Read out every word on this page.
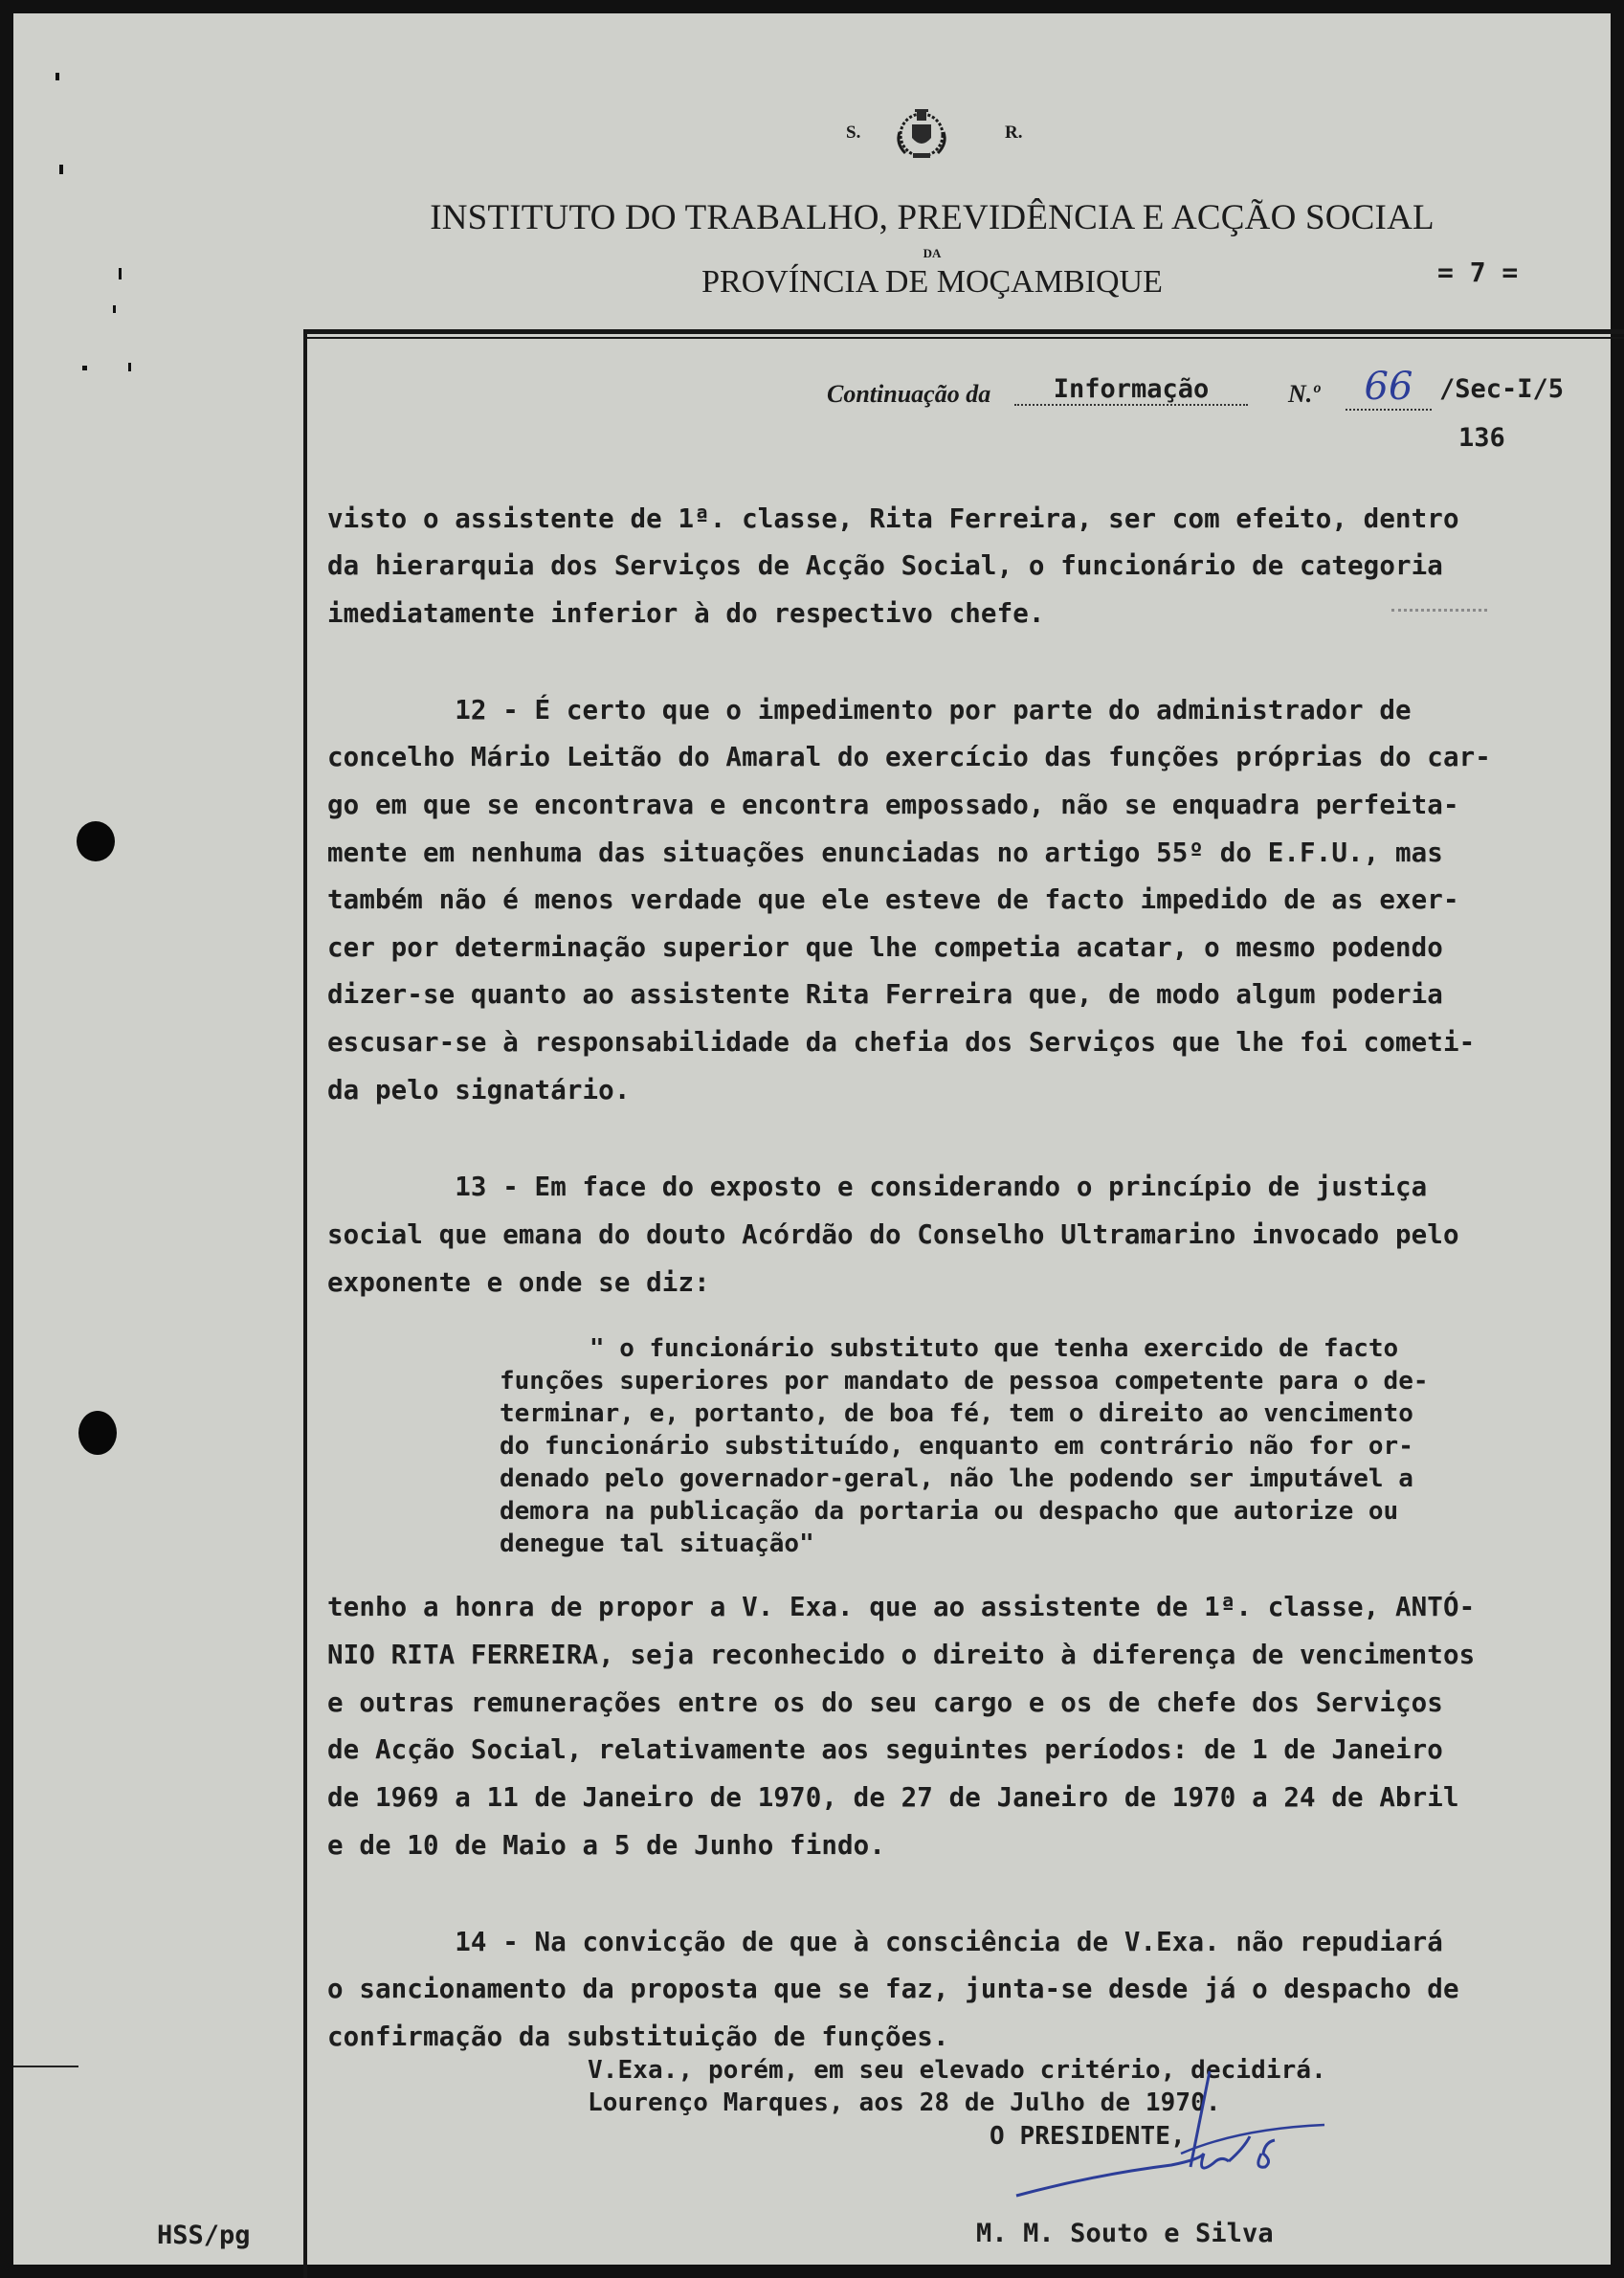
S.	R.
INSTITUTO DO TRABALHO, PREVIDÊNCIA E ACÇÃO SOCIAL
DA
PROVÍNCIA DE MOÇAMBIQUE	= 7 =
Continuação da	Informação	N.º	66	/Sec-I/5
136
visto o assistente de 1ª. classe, Rita Ferreira, ser com efeito, dentro
da hierarquia dos Serviços de Acção Social, o funcionário de categoria
imediatamente inferior à do respectivo chefe.
12 - É certo que o impedimento por parte do administrador de
concelho Mário Leitão do Amaral do exercício das funções próprias do car-
go em que se encontrava e encontra empossado, não se enquadra perfeita-
mente em nenhuma das situações enunciadas no artigo 55º do E.F.U., mas
também não é menos verdade que ele esteve de facto impedido de as exer-
cer por determinação superior que lhe competia acatar, o mesmo podendo
dizer-se quanto ao assistente Rita Ferreira que, de modo algum poderia
escusar-se à responsabilidade da chefia dos Serviços que lhe foi cometi-
da pelo signatário.
13 - Em face do exposto e considerando o princípio de justiça
social que emana do douto Acórdão do Conselho Ultramarino invocado pelo
exponente e onde se diz:
" o funcionário substituto que tenha exercido de facto
funções superiores por mandato de pessoa competente para o de-
terminar, e, portanto, de boa fé, tem o direito ao vencimento
do funcionário substituído, enquanto em contrário não for or-
denado pelo governador-geral, não lhe podendo ser imputável a
demora na publicação da portaria ou despacho que autorize ou
denegue tal situação"
tenho a honra de propor a V. Exa. que ao assistente de 1ª. classe, ANTÓ-
NIO RITA FERREIRA, seja reconhecido o direito à diferença de vencimentos
e outras remunerações entre os do seu cargo e os de chefe dos Serviços
de Acção Social, relativamente aos seguintes períodos: de 1 de Janeiro
de 1969 a 11 de Janeiro de 1970, de 27 de Janeiro de 1970 a 24 de Abril
e de 10 de Maio a 5 de Junho findo.
14 - Na convicção de que à consciência de V.Exa. não repudiará
o sancionamento da proposta que se faz, junta-se desde já o despacho de
confirmação da substituição de funções.
V.Exa., porém, em seu elevado critério, decidirá.
Lourenço Marques, aos 28 de Julho de 1970.
O PRESIDENTE,
M. M. Souto e Silva
HSS/pg
